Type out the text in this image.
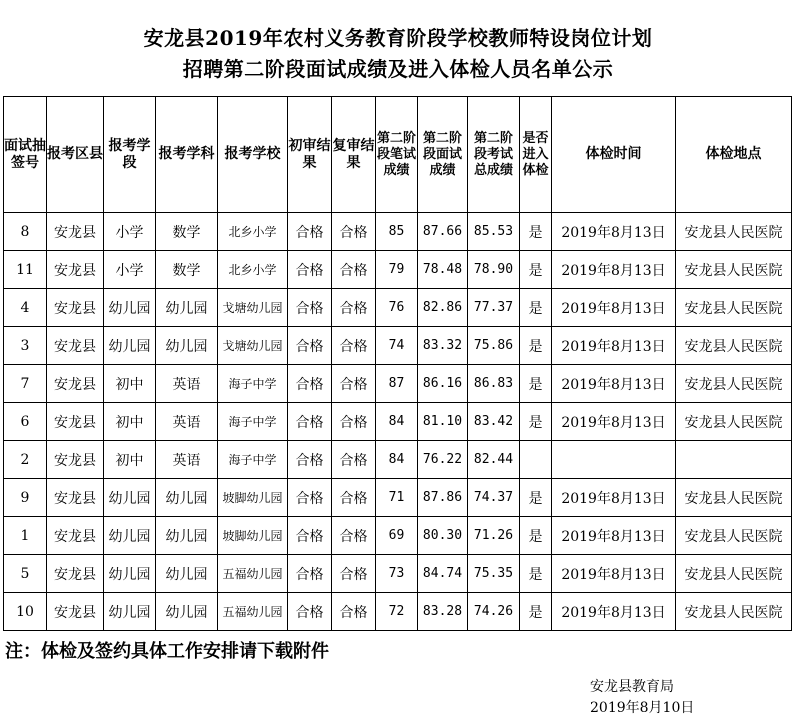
安龙县2019年农村义务教育阶段学校教师特设岗位计划
招聘第二阶段面试成绩及进入体检人员名单公示
面试抽签号	报考区县	报考学段	报考学科	报考学校	初审结果	复审结果	第二阶段笔试成绩	第二阶段面试成绩	第二阶段考试总成绩	是否进入体检	体检时间	体检地点
8	安龙县	小学	数学	北乡小学	合格	合格	85	87.66	85.53	是	2019年8月13日	安龙县人民医院
11	安龙县	小学	数学	北乡小学	合格	合格	79	78.48	78.90	是	2019年8月13日	安龙县人民医院
4	安龙县	幼儿园	幼儿园	戈塘幼儿园	合格	合格	76	82.86	77.37	是	2019年8月13日	安龙县人民医院
3	安龙县	幼儿园	幼儿园	戈塘幼儿园	合格	合格	74	83.32	75.86	是	2019年8月13日	安龙县人民医院
7	安龙县	初中	英语	海子中学	合格	合格	87	86.16	86.83	是	2019年8月13日	安龙县人民医院
6	安龙县	初中	英语	海子中学	合格	合格	84	81.10	83.42	是	2019年8月13日	安龙县人民医院
2	安龙县	初中	英语	海子中学	合格	合格	84	76.22	82.44			
9	安龙县	幼儿园	幼儿园	坡脚幼儿园	合格	合格	71	87.86	74.37	是	2019年8月13日	安龙县人民医院
1	安龙县	幼儿园	幼儿园	坡脚幼儿园	合格	合格	69	80.30	71.26	是	2019年8月13日	安龙县人民医院
5	安龙县	幼儿园	幼儿园	五福幼儿园	合格	合格	73	84.74	75.35	是	2019年8月13日	安龙县人民医院
10	安龙县	幼儿园	幼儿园	五福幼儿园	合格	合格	72	83.28	74.26	是	2019年8月13日	安龙县人民医院
注：体检及签约具体工作安排请下载附件
安龙县教育局
2019年8月10日
